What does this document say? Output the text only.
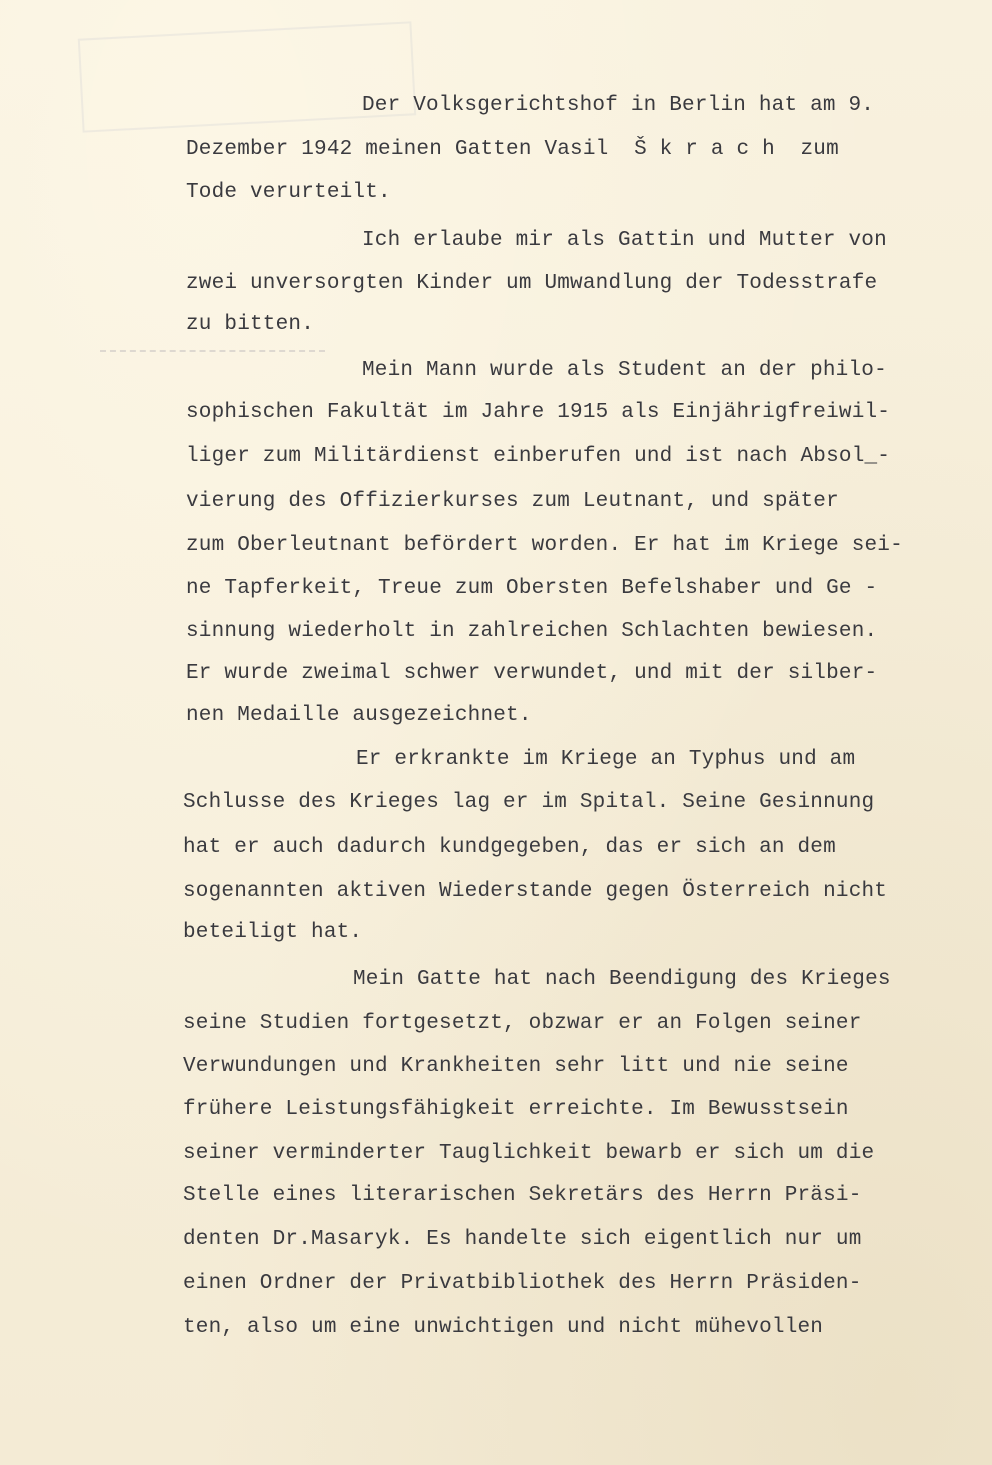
Der Volksgerichtshof in Berlin hat am 9.

Dezember 1942 meinen Gatten Vasil  Š k r a c h  zum

Tode verurteilt.

Ich erlaube mir als Gattin und Mutter von

zwei unversorgten Kinder um Umwandlung der Todesstrafe

zu bitten.

Mein Mann wurde als Student an der philo-

sophischen Fakultät im Jahre 1915 als Einjährigfreiwil-

liger zum Militärdienst einberufen und ist nach Absol_-

vierung des Offizierkurses zum Leutnant, und später

zum Oberleutnant befördert worden. Er hat im Kriege sei-

ne Tapferkeit, Treue zum Obersten Befelshaber und Ge -

sinnung wiederholt in zahlreichen Schlachten bewiesen.

Er wurde zweimal schwer verwundet, und mit der silber-

nen Medaille ausgezeichnet.

Er erkrankte im Kriege an Typhus und am

Schlusse des Krieges lag er im Spital. Seine Gesinnung

hat er auch dadurch kundgegeben, das er sich an dem

sogenannten aktiven Wiederstande gegen Österreich nicht

beteiligt hat.

Mein Gatte hat nach Beendigung des Krieges

seine Studien fortgesetzt, obzwar er an Folgen seiner

Verwundungen und Krankheiten sehr litt und nie seine

frühere Leistungsfähigkeit erreichte. Im Bewusstsein

seiner verminderter Tauglichkeit bewarb er sich um die

Stelle eines literarischen Sekretärs des Herrn Präsi-

denten Dr.Masaryk. Es handelte sich eigentlich nur um

einen Ordner der Privatbibliothek des Herrn Präsiden-

ten, also um eine unwichtigen und nicht mühevollen
